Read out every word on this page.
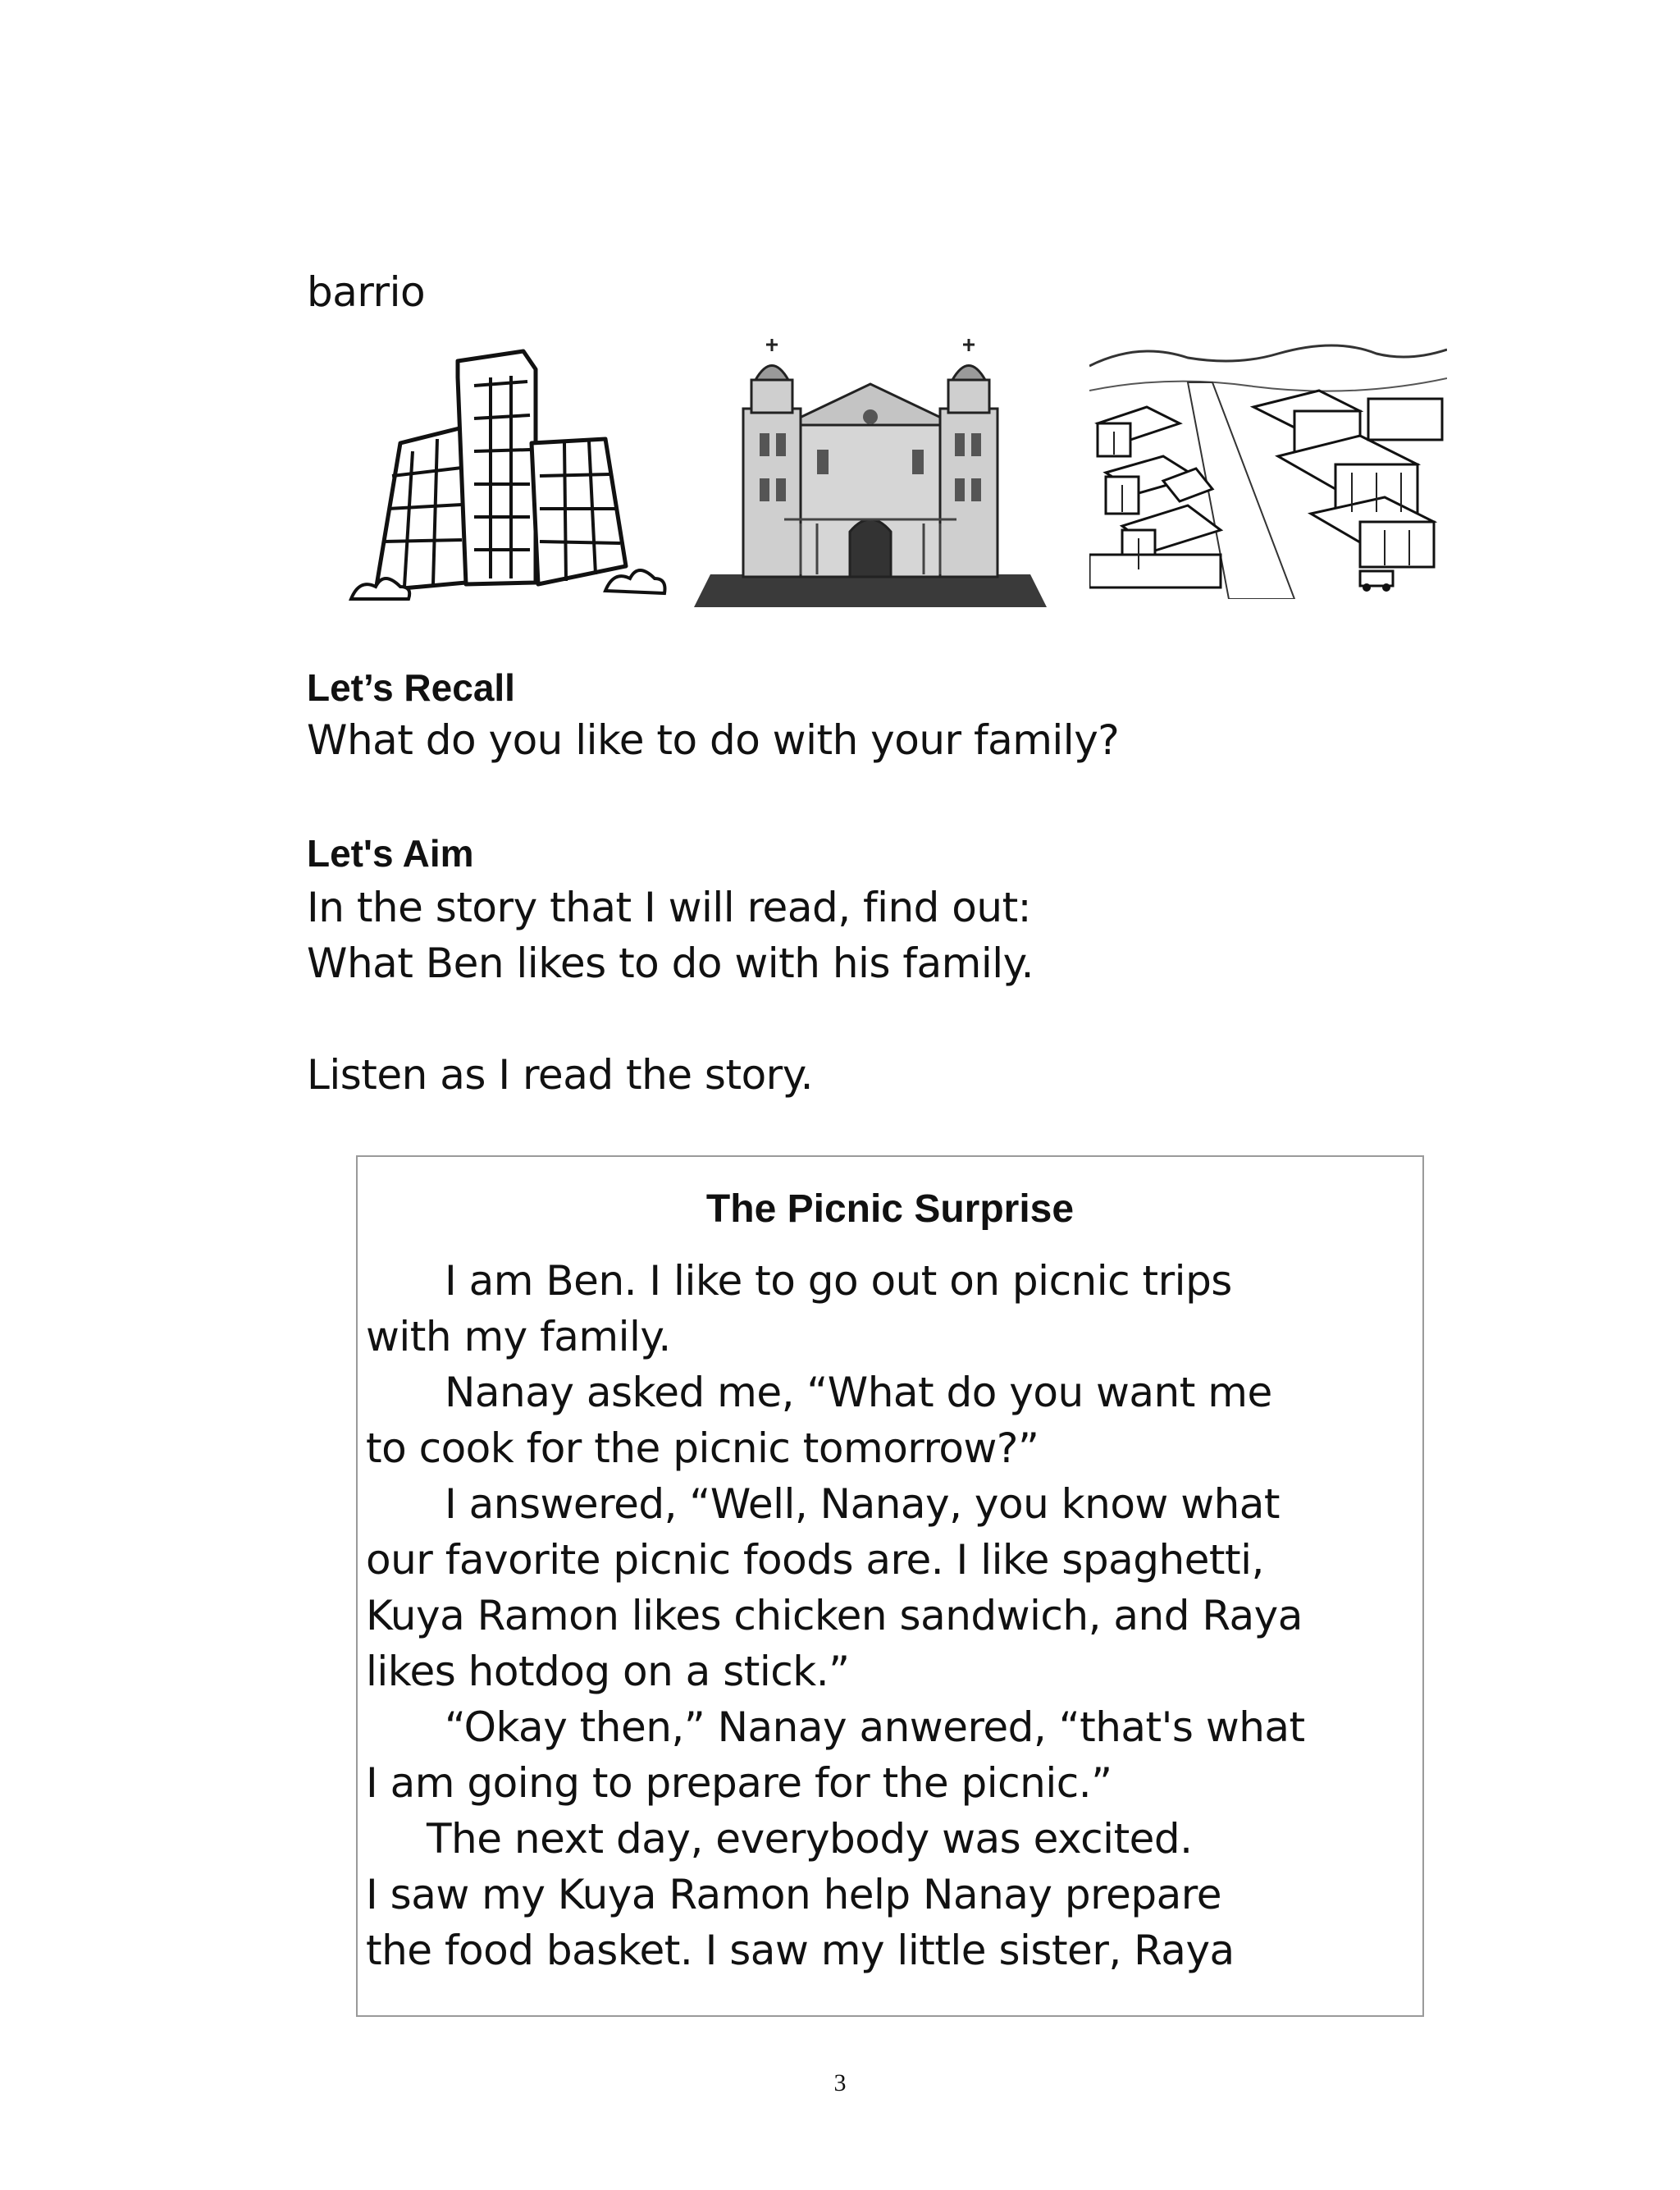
barrio
Let’s Recall
What do you like to do with your family?
Let's Aim
In the story that I will read, find out:
What Ben likes to do with his family.
Listen as I read the story.
The Picnic Surprise
I am Ben. I like to go out on picnic trips
with my family.
Nanay asked me, “What do you want me
to cook for the picnic tomorrow?”
I answered, “Well, Nanay, you know what
our favorite picnic foods are. I like spaghetti,
Kuya Ramon likes chicken sandwich, and Raya
likes hotdog on a stick.”
“Okay then,” Nanay anwered, “that's what
I am going to prepare for the picnic.”
The next day, everybody was excited.
I saw my Kuya Ramon help Nanay prepare
the food basket. I saw my little sister, Raya
3
